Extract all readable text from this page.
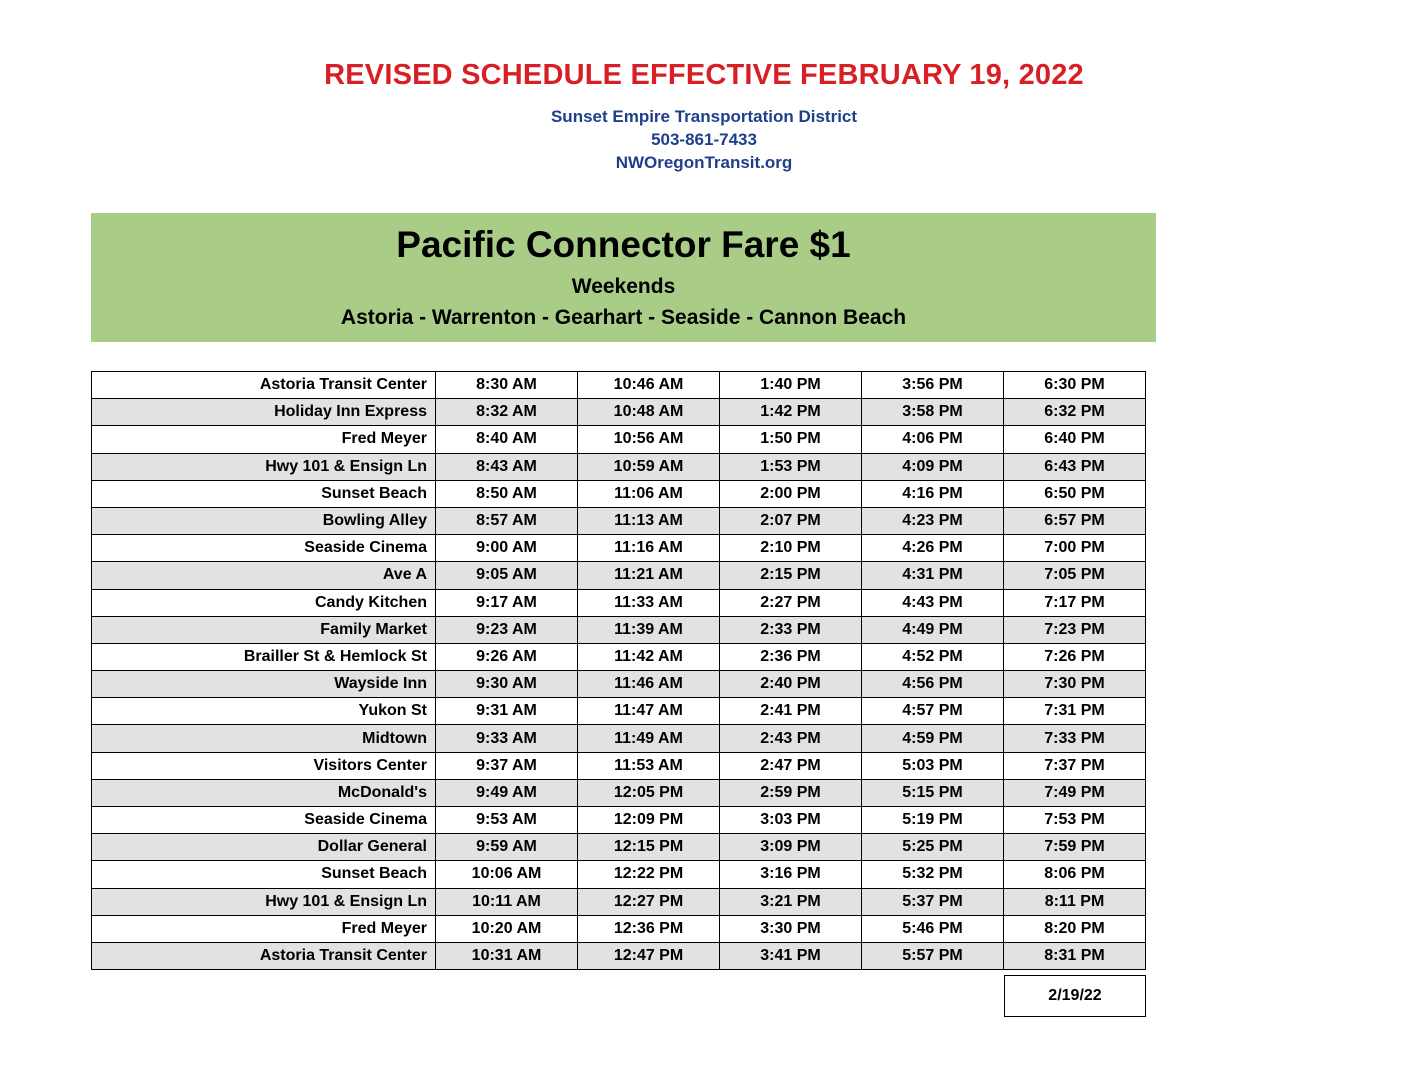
REVISED SCHEDULE EFFECTIVE FEBRUARY 19, 2022
Sunset Empire Transportation District
503-861-7433
NWOregonTransit.org
Pacific Connector Fare $1
Weekends
Astoria - Warrenton - Gearhart - Seaside - Cannon Beach
Astoria Transit Center	8:30 AM	10:46 AM	1:40 PM	3:56 PM	6:30 PM
Holiday Inn Express	8:32 AM	10:48 AM	1:42 PM	3:58 PM	6:32 PM
Fred Meyer	8:40 AM	10:56 AM	1:50 PM	4:06 PM	6:40 PM
Hwy 101 & Ensign Ln	8:43 AM	10:59 AM	1:53 PM	4:09 PM	6:43 PM
Sunset Beach	8:50 AM	11:06 AM	2:00 PM	4:16 PM	6:50 PM
Bowling Alley	8:57 AM	11:13 AM	2:07 PM	4:23 PM	6:57 PM
Seaside Cinema	9:00 AM	11:16 AM	2:10 PM	4:26 PM	7:00 PM
Ave A	9:05 AM	11:21 AM	2:15 PM	4:31 PM	7:05 PM
Candy Kitchen	9:17 AM	11:33 AM	2:27 PM	4:43 PM	7:17 PM
Family Market	9:23 AM	11:39 AM	2:33 PM	4:49 PM	7:23 PM
Brailler St & Hemlock St	9:26 AM	11:42 AM	2:36 PM	4:52 PM	7:26 PM
Wayside Inn	9:30 AM	11:46 AM	2:40 PM	4:56 PM	7:30 PM
Yukon St	9:31 AM	11:47 AM	2:41 PM	4:57 PM	7:31 PM
Midtown	9:33 AM	11:49 AM	2:43 PM	4:59 PM	7:33 PM
Visitors Center	9:37 AM	11:53 AM	2:47 PM	5:03 PM	7:37 PM
McDonald's	9:49 AM	12:05 PM	2:59 PM	5:15 PM	7:49 PM
Seaside Cinema	9:53 AM	12:09 PM	3:03 PM	5:19 PM	7:53 PM
Dollar General	9:59 AM	12:15 PM	3:09 PM	5:25 PM	7:59 PM
Sunset Beach	10:06 AM	12:22 PM	3:16 PM	5:32 PM	8:06 PM
Hwy 101 & Ensign Ln	10:11 AM	12:27 PM	3:21 PM	5:37 PM	8:11 PM
Fred Meyer	10:20 AM	12:36 PM	3:30 PM	5:46 PM	8:20 PM
Astoria Transit Center	10:31 AM	12:47 PM	3:41 PM	5:57 PM	8:31 PM
2/19/22
